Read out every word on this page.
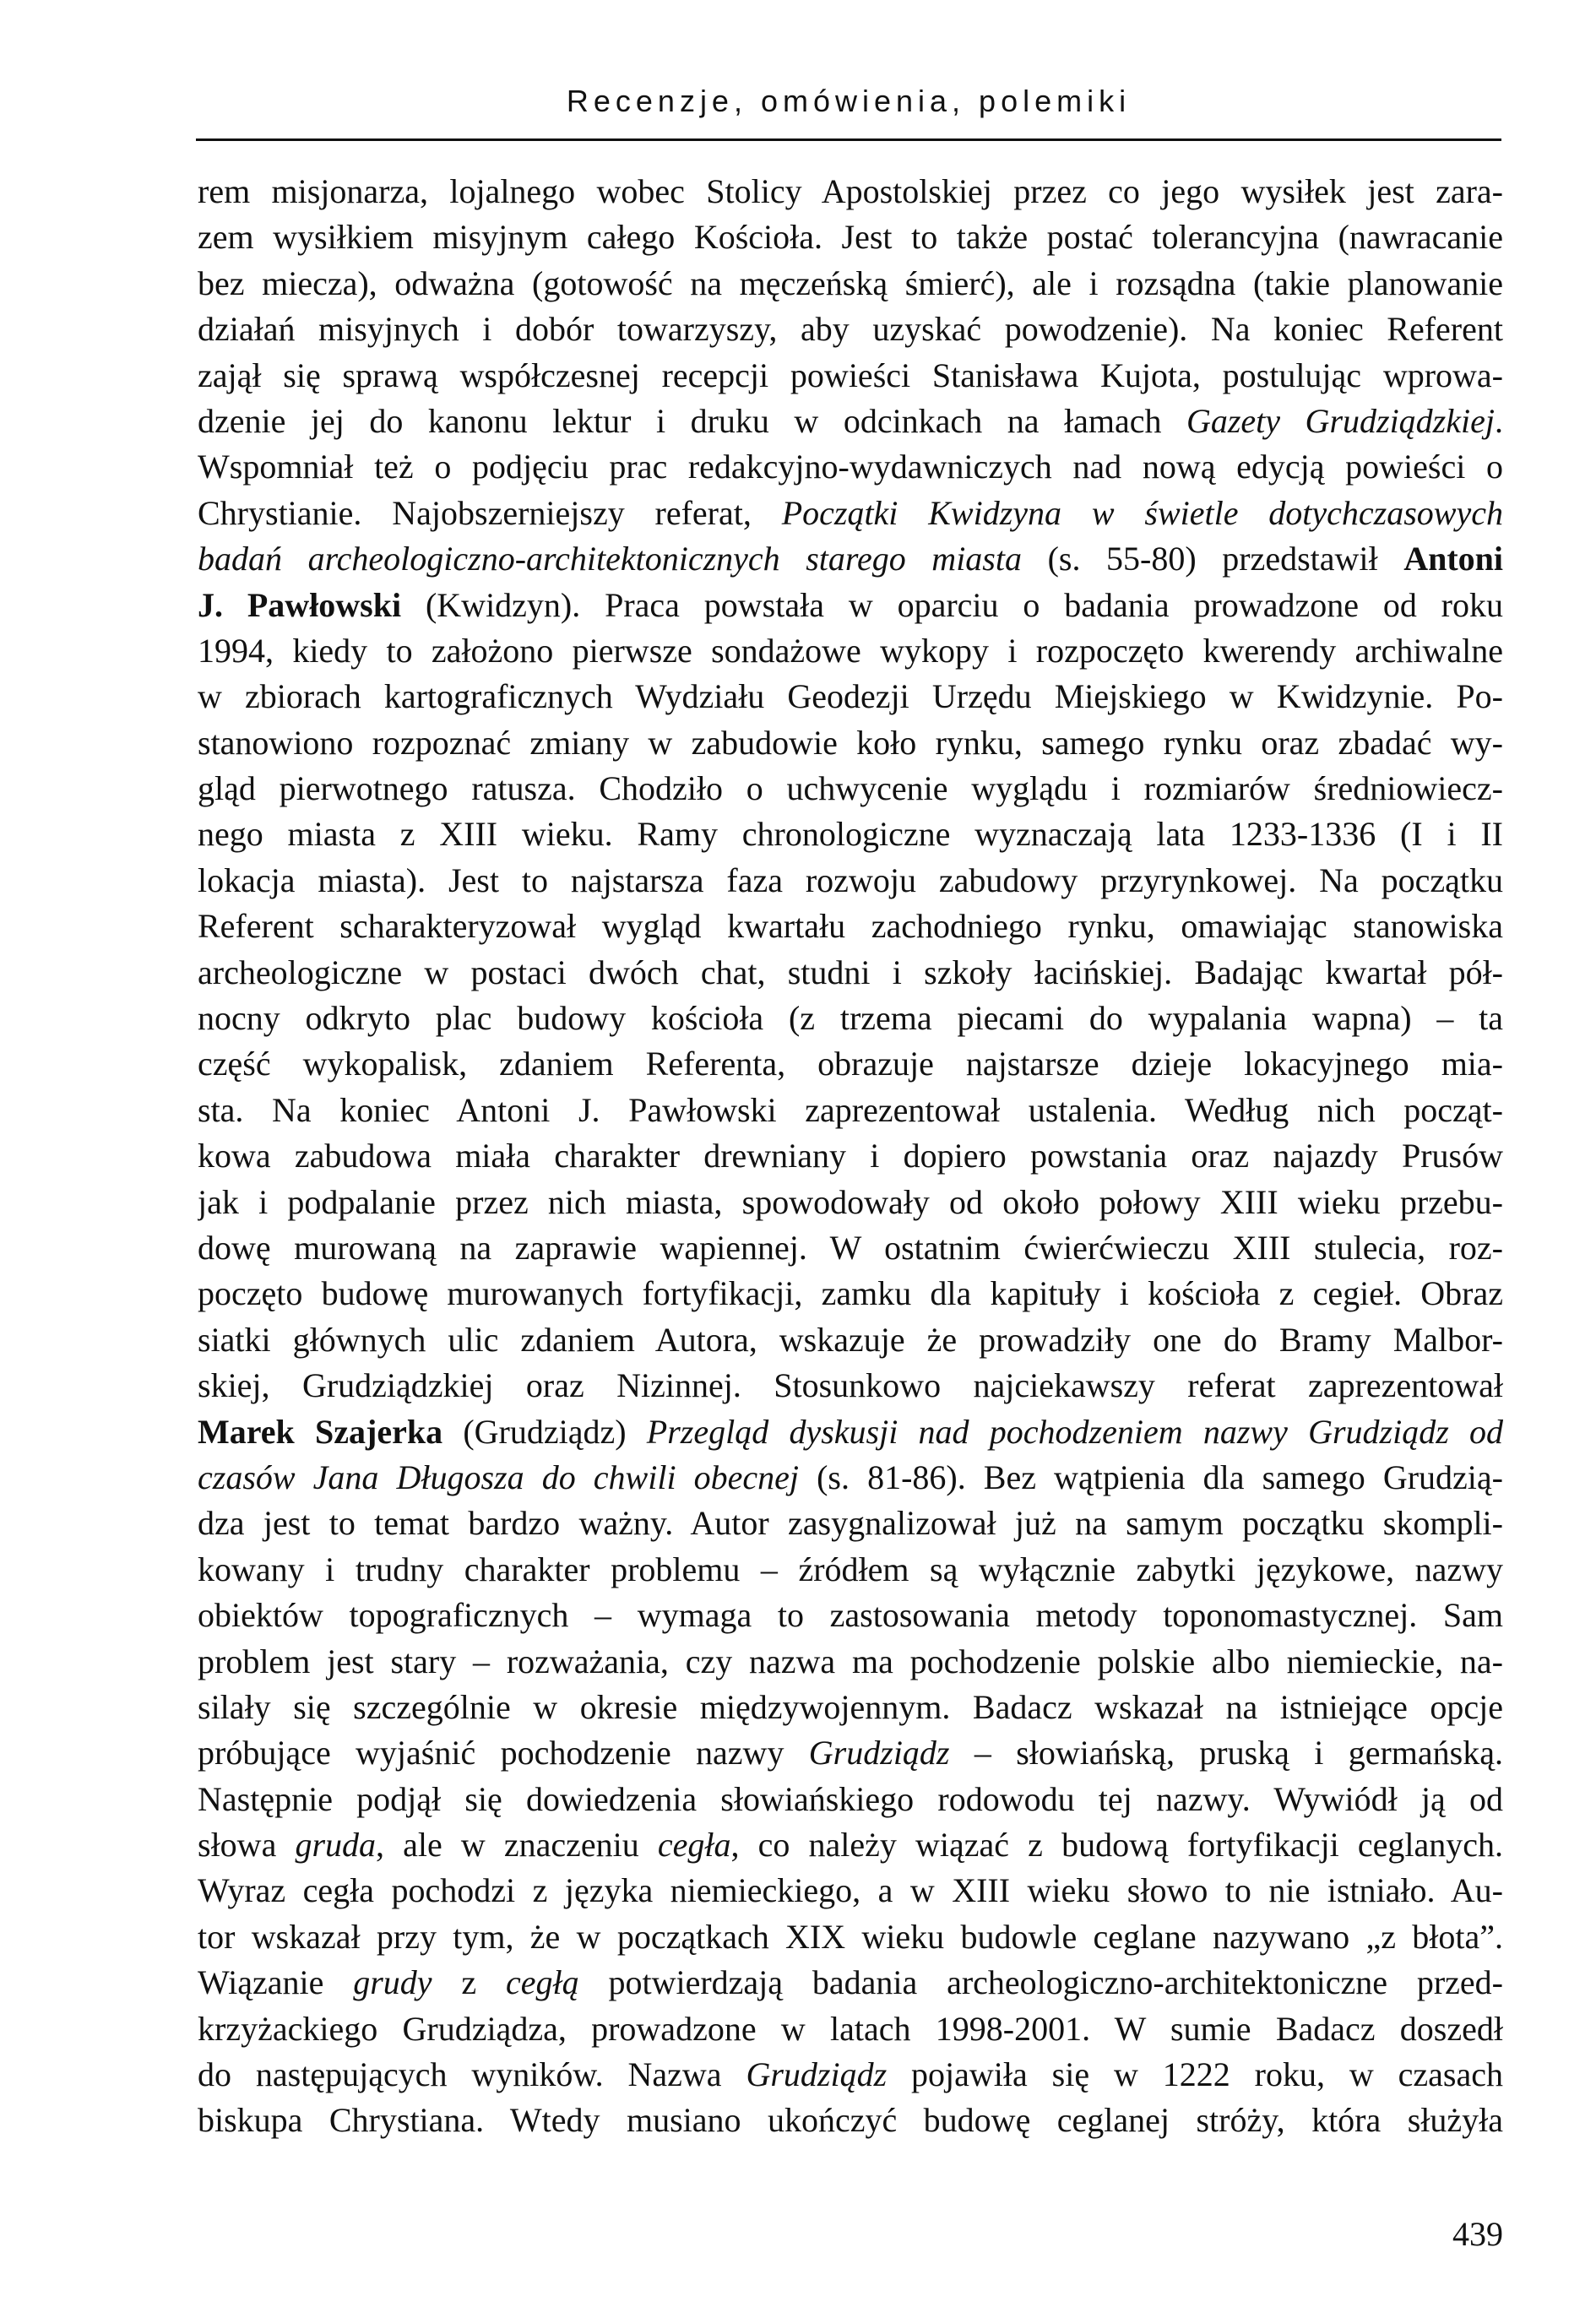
Recenzje, omówienia, polemiki
rem misjonarza, lojalnego wobec Stolicy Apostolskiej przez co jego wysiłek jest zara-
zem wysiłkiem misyjnym całego Kościoła. Jest to także postać tolerancyjna (nawracanie
bez miecza), odważna (gotowość na męczeńską śmierć), ale i rozsądna (takie planowanie
działań misyjnych i dobór towarzyszy, aby uzyskać powodzenie). Na koniec Referent
zajął się sprawą współczesnej recepcji powieści Stanisława Kujota, postulując wprowa-
dzenie jej do kanonu lektur i druku w odcinkach na łamach Gazety Grudziądzkiej.
Wspomniał też o podjęciu prac redakcyjno-wydawniczych nad nową edycją powieści o
Chrystianie. Najobszerniejszy referat, Początki Kwidzyna w świetle dotychczasowych
badań archeologiczno-architektonicznych starego miasta (s. 55-80) przedstawił Antoni
J. Pawłowski (Kwidzyn). Praca powstała w oparciu o badania prowadzone od roku
1994, kiedy to założono pierwsze sondażowe wykopy i rozpoczęto kwerendy archiwalne
w zbiorach kartograficznych Wydziału Geodezji Urzędu Miejskiego w Kwidzynie. Po-
stanowiono rozpoznać zmiany w zabudowie koło rynku, samego rynku oraz zbadać wy-
gląd pierwotnego ratusza. Chodziło o uchwycenie wyglądu i rozmiarów średniowiecz-
nego miasta z XIII wieku. Ramy chronologiczne wyznaczają lata 1233-1336 (I i II
lokacja miasta). Jest to najstarsza faza rozwoju zabudowy przyrynkowej. Na początku
Referent scharakteryzował wygląd kwartału zachodniego rynku, omawiając stanowiska
archeologiczne w postaci dwóch chat, studni i szkoły łacińskiej. Badając kwartał pół-
nocny odkryto plac budowy kościoła (z trzema piecami do wypalania wapna) – ta
część wykopalisk, zdaniem Referenta, obrazuje najstarsze dzieje lokacyjnego mia-
sta. Na koniec Antoni J. Pawłowski zaprezentował ustalenia. Według nich począt-
kowa zabudowa miała charakter drewniany i dopiero powstania oraz najazdy Prusów
jak i podpalanie przez nich miasta, spowodowały od około połowy XIII wieku przebu-
dowę murowaną na zaprawie wapiennej. W ostatnim ćwierćwieczu XIII stulecia, roz-
poczęto budowę murowanych fortyfikacji, zamku dla kapituły i kościoła z cegieł. Obraz
siatki głównych ulic zdaniem Autora, wskazuje że prowadziły one do Bramy Malbor-
skiej, Grudziądzkiej oraz Nizinnej. Stosunkowo najciekawszy referat zaprezentował
Marek Szajerka (Grudziądz) Przegląd dyskusji nad pochodzeniem nazwy Grudziądz od
czasów Jana Długosza do chwili obecnej (s. 81-86). Bez wątpienia dla samego Grudzią-
dza jest to temat bardzo ważny. Autor zasygnalizował już na samym początku skompli-
kowany i trudny charakter problemu – źródłem są wyłącznie zabytki językowe, nazwy
obiektów topograficznych – wymaga to zastosowania metody toponomastycznej. Sam
problem jest stary – rozważania, czy nazwa ma pochodzenie polskie albo niemieckie, na-
silały się szczególnie w okresie międzywojennym. Badacz wskazał na istniejące opcje
próbujące wyjaśnić pochodzenie nazwy Grudziądz – słowiańską, pruską i germańską.
Następnie podjął się dowiedzenia słowiańskiego rodowodu tej nazwy. Wywiódł ją od
słowa gruda, ale w znaczeniu cegła, co należy wiązać z budową fortyfikacji ceglanych.
Wyraz cegła pochodzi z języka niemieckiego, a w XIII wieku słowo to nie istniało. Au-
tor wskazał przy tym, że w początkach XIX wieku budowle ceglane nazywano „z błota”.
Wiązanie grudy z cegłą potwierdzają badania archeologiczno-architektoniczne przed-
krzyżackiego Grudziądza, prowadzone w latach 1998-2001. W sumie Badacz doszedł
do następujących wyników. Nazwa Grudziądz pojawiła się w 1222 roku, w czasach
biskupa Chrystiana. Wtedy musiano ukończyć budowę ceglanej stróży, która służyła
439
